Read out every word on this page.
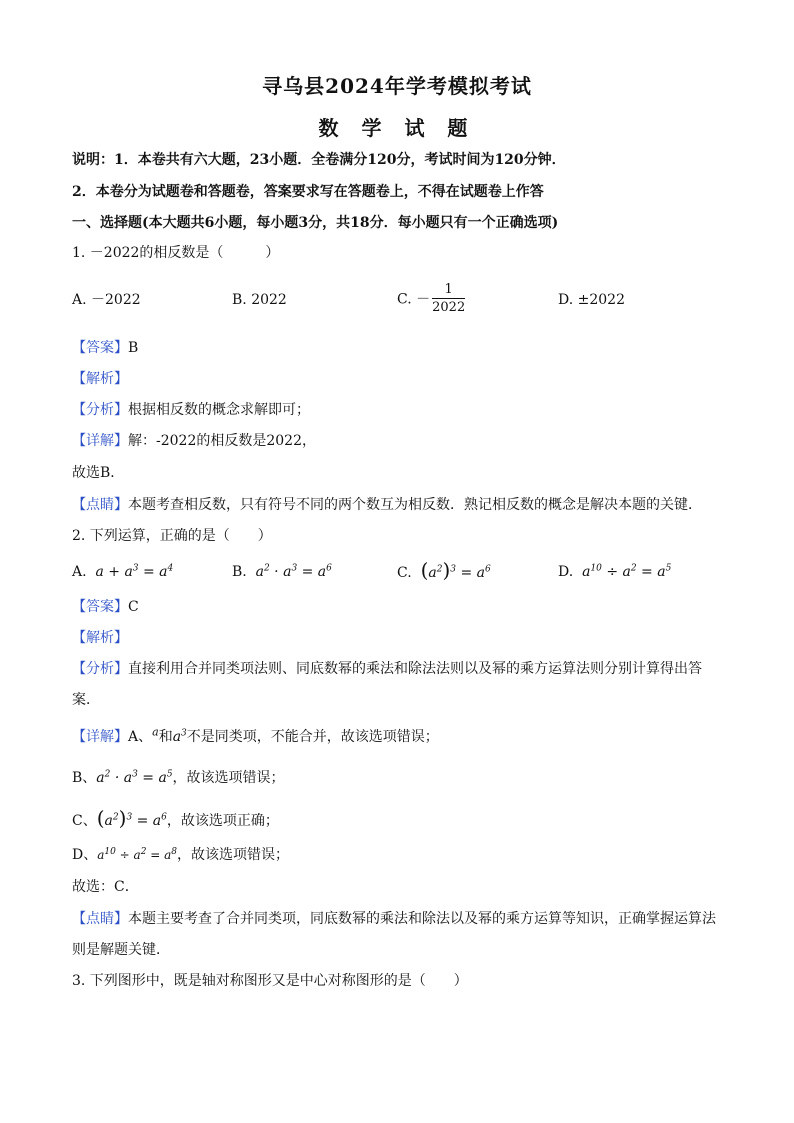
寻乌县2024年学考模拟考试
数 学 试 题
说明：1．本卷共有六大题，23小题．全卷满分120分，考试时间为120分钟．
2．本卷分为试题卷和答题卷，答案要求写在答题卷上，不得在试题卷上作答
一、选择题(本大题共6小题，每小题3分，共18分．每小题只有一个正确选项)
1. －2022的相反数是（　　　）
A. －2022	B. 2022	C. － $\frac{1}{2022}$	D. ±2022
【答案】B
【解析】
【分析】根据相反数的概念求解即可；
【详解】解：-2022的相反数是2022，
故选B．
【点睛】本题考查相反数，只有符号不同的两个数互为相反数．熟记相反数的概念是解决本题的关键．
2. 下列运算，正确的是（　　）
A.  $a + a^3 = a^4$	B.  $a^2 \cdot a^3 = a^6$	C. $(a^2)^3 = a^6$	D.  $a^{10} \div a^2 = a^5$
【答案】C
【解析】
【分析】直接利用合并同类项法则、同底数幂的乘法和除法法则以及幂的乘方运算法则分别计算得出答
案．
【详解】A、$^a$和$a^3$不是同类项，不能合并，故该选项错误；
B、$a^2 \cdot a^3 = a^5$，故该选项错误；
C、$(a^2)^3 = a^6$，故该选项正确；
D、$a^{10} \div a^2 = a^8$，故该选项错误；
故选：C．
【点睛】本题主要考查了合并同类项，同底数幂的乘法和除法以及幂的乘方运算等知识，正确掌握运算法
则是解题关键．
3. 下列图形中，既是轴对称图形又是中心对称图形的是（　　）
